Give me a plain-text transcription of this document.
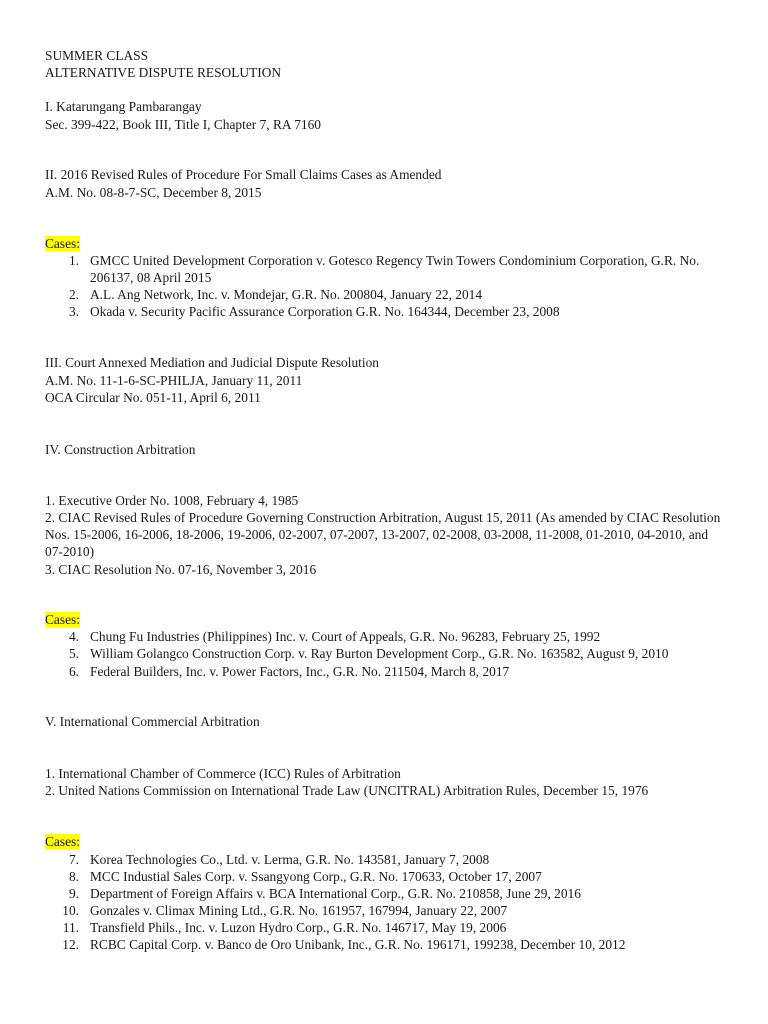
SUMMER CLASS
ALTERNATIVE DISPUTE RESOLUTION
I. Katarungang Pambarangay
Sec. 399-422, Book III, Title I, Chapter 7, RA 7160
II. 2016 Revised Rules of Procedure For Small Claims Cases as Amended
A.M. No. 08-8-7-SC, December 8, 2015
Cases:
1. GMCC United Development Corporation v. Gotesco Regency Twin Towers Condominium Corporation, G.R. No. 206137, 08 April 2015
2. A.L. Ang Network, Inc. v. Mondejar, G.R. No. 200804, January 22, 2014
3. Okada v. Security Pacific Assurance Corporation G.R. No. 164344, December 23, 2008
III. Court Annexed Mediation and Judicial Dispute Resolution
A.M. No. 11-1-6-SC-PHILJA, January 11, 2011
OCA Circular No. 051-11, April 6, 2011
IV. Construction Arbitration
1. Executive Order No. 1008, February 4, 1985
2. CIAC Revised Rules of Procedure Governing Construction Arbitration, August 15, 2011 (As amended by CIAC Resolution Nos. 15-2006, 16-2006, 18-2006, 19-2006, 02-2007, 07-2007, 13-2007, 02-2008, 03-2008, 11-2008, 01-2010, 04-2010, and 07-2010)
3. CIAC Resolution No. 07-16, November 3, 2016
Cases:
4. Chung Fu Industries (Philippines) Inc. v. Court of Appeals, G.R. No. 96283, February 25, 1992
5. William Golangco Construction Corp. v. Ray Burton Development Corp., G.R. No. 163582, August 9, 2010
6. Federal Builders, Inc. v. Power Factors, Inc., G.R. No. 211504, March 8, 2017
V. International Commercial Arbitration
1. International Chamber of Commerce (ICC) Rules of Arbitration
2. United Nations Commission on International Trade Law (UNCITRAL) Arbitration Rules, December 15, 1976
Cases:
7. Korea Technologies Co., Ltd. v. Lerma, G.R. No. 143581, January 7, 2008
8. MCC Industial Sales Corp. v. Ssangyong Corp., G.R. No. 170633, October 17, 2007
9. Department of Foreign Affairs v. BCA International Corp., G.R. No. 210858, June 29, 2016
10. Gonzales v. Climax Mining Ltd., G.R. No. 161957, 167994, January 22, 2007
11. Transfield Phils., Inc. v. Luzon Hydro Corp., G.R. No. 146717, May 19, 2006
12. RCBC Capital Corp. v. Banco de Oro Unibank, Inc., G.R. No. 196171, 199238, December 10, 2012
